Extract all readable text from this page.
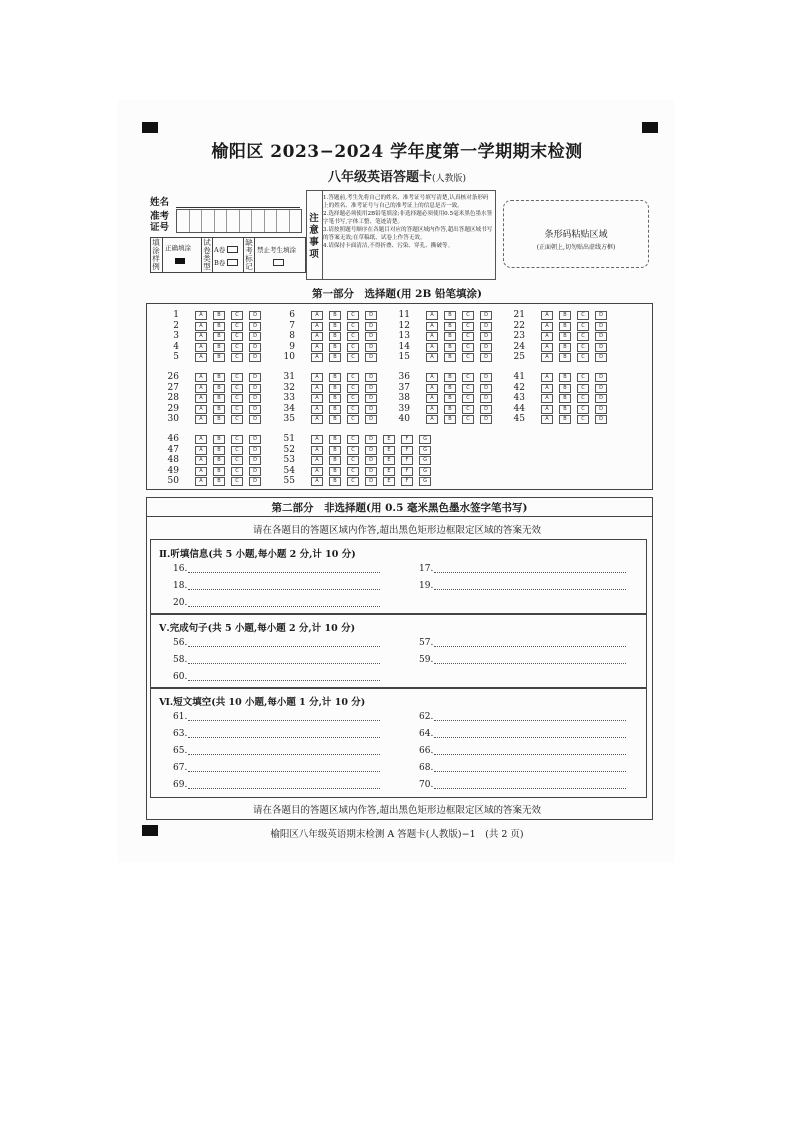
榆阳区 2023−2024 学年度第一学期期末检测
八年级英语答题卡(人教版)
姓名
准考
证号
填涂样例
正确填涂
试卷类型
A卷
B卷
缺考标记
禁止考生填涂
注意事项
1.答题前,考生先将自己的姓名、准考证号填写清楚,认真核对条形码上的姓名、准考证号与自己的准考证上的信息是否一致。
2.选择题必须使用2B铅笔填涂;非选择题必须使用0.5毫米黑色墨水签字笔书写,字体工整、笔迹清楚。
3.请按照题号顺序在各题目对应的答题区域内作答,超出答题区域书写的答案无效;在草稿纸、试卷上作答无效。
4.请保持卡面清洁,不得折叠、污染、穿孔、撕破等。
条形码粘贴区域
(正面朝上,切勿贴出虚线方框)
第一部分　选择题(用 2B 铅笔填涂)
1	A	B	C	D
2	A	B	C	D
3	A	B	C	D
4	A	B	C	D
5	A	B	C	D
6	A	B	C	D
7	A	B	C	D
8	A	B	C	D
9	A	B	C	D
10	A	B	C	D
11	A	B	C	D
12	A	B	C	D
13	A	B	C	D
14	A	B	C	D
15	A	B	C	D
21	A	B	C	D
22	A	B	C	D
23	A	B	C	D
24	A	B	C	D
25	A	B	C	D
26	A	B	C	D
27	A	B	C	D
28	A	B	C	D
29	A	B	C	D
30	A	B	C	D
31	A	B	C	D
32	A	B	C	D
33	A	B	C	D
34	A	B	C	D
35	A	B	C	D
36	A	B	C	D
37	A	B	C	D
38	A	B	C	D
39	A	B	C	D
40	A	B	C	D
41	A	B	C	D
42	A	B	C	D
43	A	B	C	D
44	A	B	C	D
45	A	B	C	D
46	A	B	C	D
47	A	B	C	D
48	A	B	C	D
49	A	B	C	D
50	A	B	C	D
51	A	B	C	D	E	F	G
52	A	B	C	D	E	F	G
53	A	B	C	D	E	F	G
54	A	B	C	D	E	F	G
55	A	B	C	D	E	F	G
第二部分　非选择题(用 0.5 毫米黑色墨水签字笔书写)
请在各题目的答题区域内作答,超出黑色矩形边框限定区域的答案无效
Ⅱ.听填信息(共 5 小题,每小题 2 分,计 10 分)
16.	17.
18.	19.
20.
Ⅴ.完成句子(共 5 小题,每小题 2 分,计 10 分)
56.	57.
58.	59.
60.
Ⅵ.短文填空(共 10 小题,每小题 1 分,计 10 分)
61.	62.
63.	64.
65.	66.
67.	68.
69.	70.
请在各题目的答题区域内作答,超出黑色矩形边框限定区域的答案无效
榆阳区八年级英语期末检测 A 答题卡(人教版)−1　(共 2 页)
